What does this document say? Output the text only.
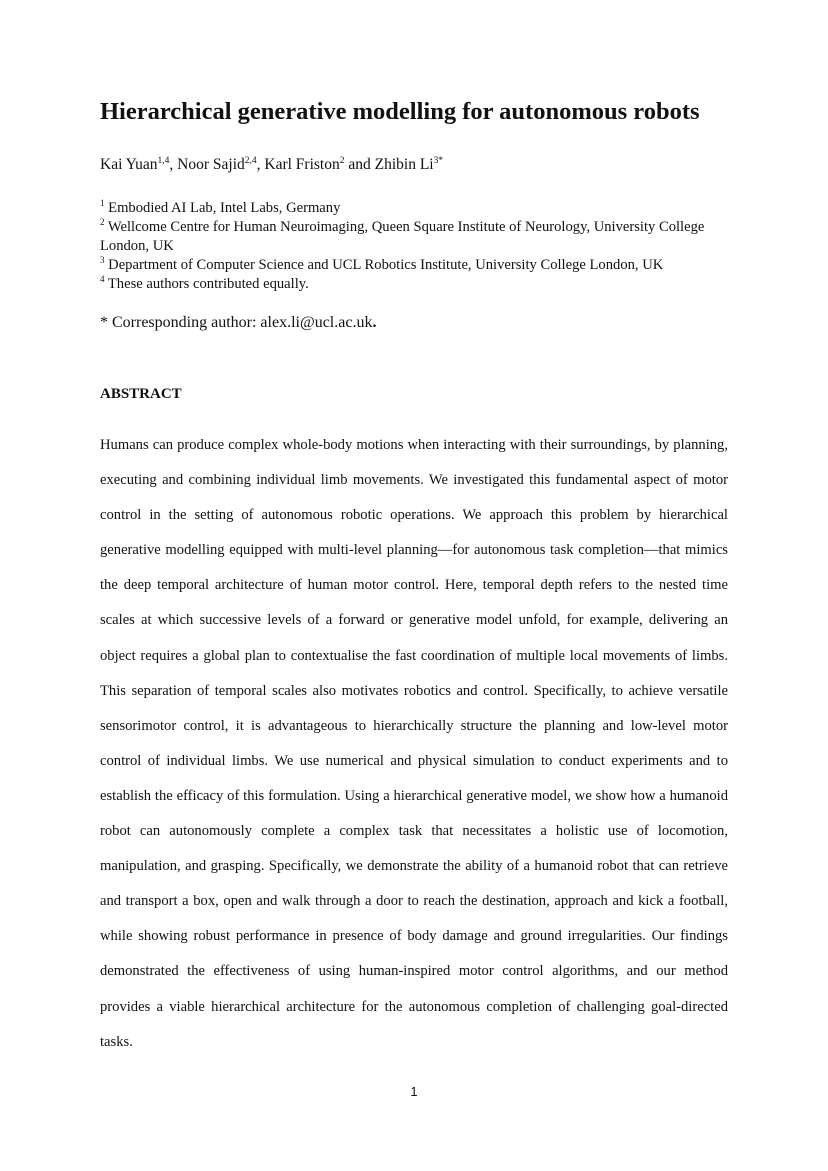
Hierarchical generative modelling for autonomous robots
Kai Yuan$^{1,4}$, Noor Sajid$^{2,4}$, Karl Friston$^2$ and Zhibin $Li^{3*}$
$^1$ Embodied AI Lab, Intel Labs, Germany
$^2$ Wellcome Centre for Human Neuroimaging, Queen Square Institute of Neurology, University College London, UK
$^3$ Department of Computer Science and UCL Robotics Institute, University College London, UK
$^4$ These authors contributed equally.
* Corresponding author: alex.li@ucl.ac.uk.
ABSTRACT

Humans can produce complex whole-body motions when interacting with their surroundings, by planning, executing and combining individual limb movements. We investigated this fundamental aspect of motor control in the setting of autonomous robotic operations. We approach this problem by hierarchical generative modelling equipped with multi-level planning—for autonomous task completion—that mimics the deep temporal architecture of human motor control. Here, temporal depth refers to the nested time scales at which successive levels of a forward or generative model unfold, for example, delivering an object requires a global plan to contextualise the fast coordination of multiple local movements of limbs. This separation of temporal scales also motivates robotics and control. Specifically, to achieve versatile sensorimotor control, it is advantageous to hierarchically structure the planning and low-level motor control of individual limbs. We use numerical and physical simulation to conduct experiments and to establish the efficacy of this formulation. Using a hierarchical generative model, we show how a humanoid robot can autonomously complete a complex task that necessitates a holistic use of locomotion, manipulation, and grasping. Specifically, we demonstrate the ability of a humanoid robot that can retrieve and transport a box, open and walk through a door to reach the destination, approach and kick a football, while showing robust performance in presence of body damage and ground irregularities. Our findings demonstrated the effectiveness of using human-inspired motor control algorithms, and our method provides a viable hierarchical architecture for the autonomous completion of challenging goal-directed tasks.

1
